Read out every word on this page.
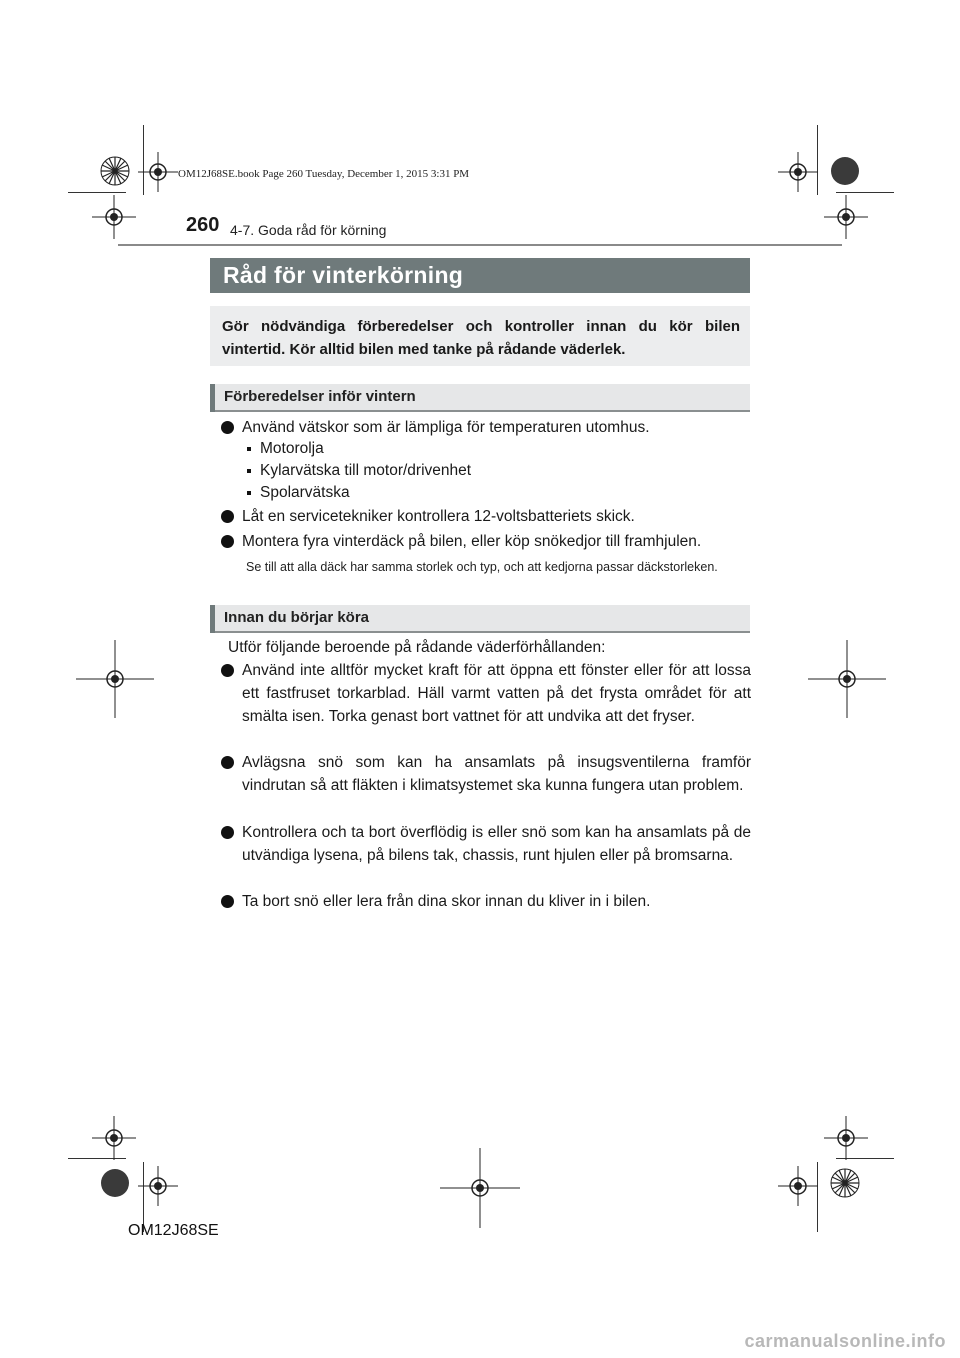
OM12J68SE.book Page 260 Tuesday, December 1, 2015 3:31 PM
260 4-7. Goda råd för körning
Råd för vinterkörning
Gör nödvändiga förberedelser och kontroller innan du kör bilen vintertid. Kör alltid bilen med tanke på rådande väderlek.
Förberedelser inför vintern
Använd vätskor som är lämpliga för temperaturen utomhus.
Motorolja
Kylarvätska till motor/drivenhet
Spolarvätska
Låt en servicetekniker kontrollera 12-voltsbatteriets skick.
Montera fyra vinterdäck på bilen, eller köp snökedjor till framhjulen.
Se till att alla däck har samma storlek och typ, och att kedjorna passar däckstorleken.
Innan du börjar köra
Utför följande beroende på rådande väderförhållanden:
Använd inte alltför mycket kraft för att öppna ett fönster eller för att lossa ett fastfruset torkarblad. Häll varmt vatten på det frysta området för att smälta isen. Torka genast bort vattnet för att undvika att det fryser.
Avlägsna snö som kan ha ansamlats på insugsventilerna framför vindrutan så att fläkten i klimatsystemet ska kunna fungera utan problem.
Kontrollera och ta bort överflödig is eller snö som kan ha ansamlats på de utvändiga lysena, på bilens tak, chassis, runt hjulen eller på bromsarna.
Ta bort snö eller lera från dina skor innan du kliver in i bilen.
OM12J68SE
carmanualsonline.info
